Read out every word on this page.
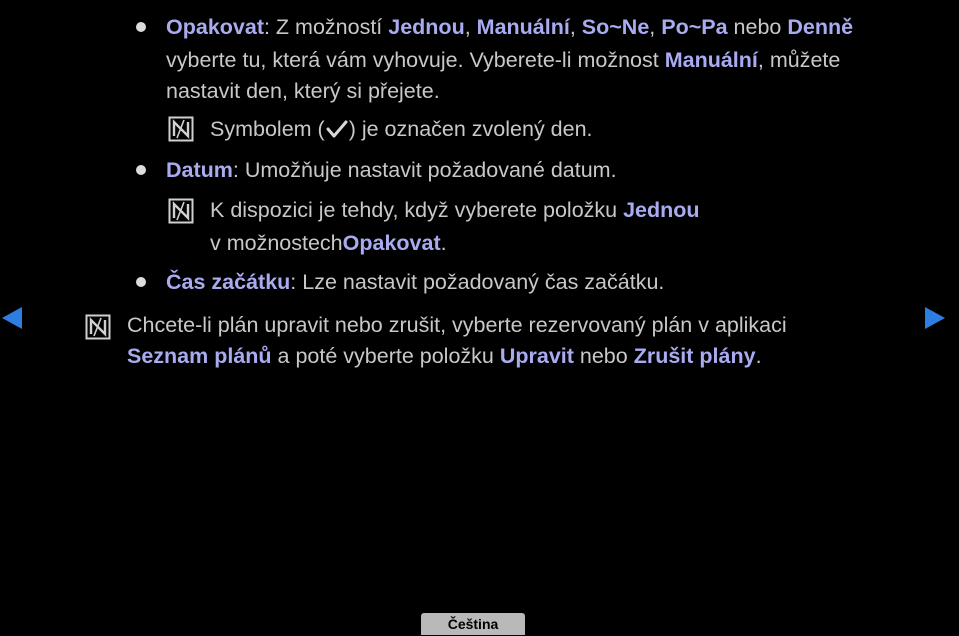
Opakovat: Z možností Jednou, Manuální, So~Ne, Po~Pa nebo Denně
vyberte tu, která vám vyhovuje. Vyberete-li možnost Manuální, můžete
nastavit den, který si přejete.
Symbolem ( ) je označen zvolený den.
Datum: Umožňuje nastavit požadované datum.
K dispozici je tehdy, když vyberete položku Jednou
v možnostechOpakovat.
Čas začátku: Lze nastavit požadovaný čas začátku.
Chcete-li plán upravit nebo zrušit, vyberte rezervovaný plán v aplikaci
Seznam plánů a poté vyberte položku Upravit nebo Zrušit plány.
Čeština
